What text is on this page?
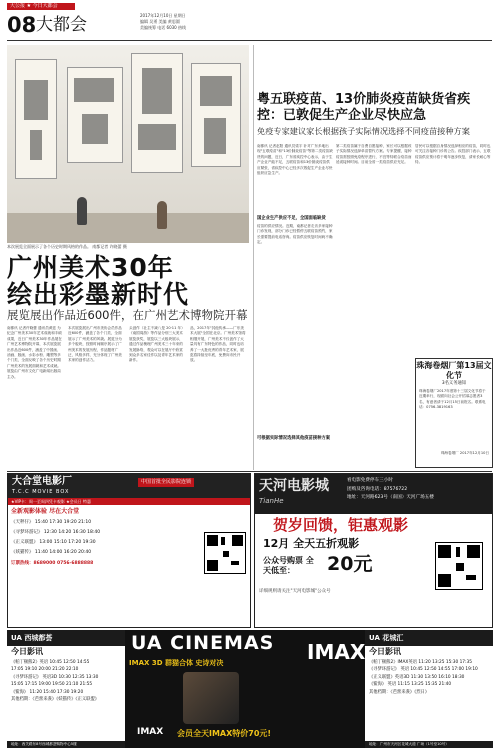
大公报 ★ 今日大都会
08 大都会	2017年12月10日 星期日
编辑 吴勇 美编 黄思圆
美编统筹 电话 6030 热线
本次展览全面展示了各个历史时期风格的作品。 南都记者 许晓蕾 摄
广州美术30年
绘出彩墨新时代
展览展出作品近600件，在广州艺术博物院开幕
南都讯 记者许晓蕾 通讯员黄廷 为纪念广州美术30年艺术成就和丰硕成果，近日广州美术30年作品展在广州艺术博物院开幕，本次展览展出作品近600件，涵盖了中国画、油画、版画、水彩水粉、雕塑等多个门类，全面反映了各个历史时期广州美术的发展面貌和艺术成就。展览由广州市文化广电新闻出版局主办。
本次展览展出广州市美协会员作品近600件，涵盖了各个门类，全面展示了广州美术的风貌。展览分为多个板块，按照时间顺序展示了广州美术的发展历程，作品题材广泛，风格多样，充分体现了广州美术家的创作活力。
头创作（社主不减八是 20·11 年）《南国周游》等作品分别三大美术展览获奖，展览以三大板块展示，通过作品梳理广州美术三十年来的发展脉络，观众可以在展厅中欣赏到众多名家佳作以及青年艺术家的新作。
品，2017年"其他传承——广东美术大展"全国在北京。广州美术馆将相继开展，广州美术不仅创作了大量具有广东特色的作品，同时也培养了一大批优秀的青年艺术家，展览将持续至年底，免费向市民开放。
粤五联疫苗、13价肺炎疫苗缺货省疾控：已敦促生产企业尽快应急
免疫专家建议家长根据孩子实际情况选择不同疫苗接种方案
南都讯 记者赵阳 通讯员梁宇 针对广东多地出现"五联疫苗"和"13价肺炎疫苗"等第二类疫苗缺货的问题，近日，广东省疾控中心表示，由于生产企业产能不足，五联疫苗和13价肺炎疫苗供应紧张，省疾控中心已经多次敦促生产企业尽快组织应急生产。
国企业生产供应不足，全国面临缺货
疫苗的供应情况。近期，南都记者走访多家接种门诊发现，部分门诊已经暂停五联疫苗预约，家长需要提前电话咨询。疫苗供应恢复时间尚不确定。
可根据实际情况选择其他疫苗接种方案
第二类疫苗属于自费自愿接种，家长可以根据孩子实际情况选择单苗替代方案。专家提醒，接种疫苗需按照免疫程序进行，不宜等待联合疫苗而延误接种时间。目前全省一类疫苗供应充足。
居民可以根据自身情况选择相应的疫苗，同时也可关注各接种门诊的公告。疾控部门表示，五联疫苗供应预计将于明年逐步恢复，请家长耐心等待。
珠海卷烟厂第13届文化节
3名义务通知
珠海卷烟厂2017年度第十三届文化节将于近期举行，现面向社会公开招募志愿者3名，有意者请于12月15日前报名。联系电话：0756-3819163
珠海卷烟厂 2017年12月10日
大合堂电影厂
T.C.C MOVIE BOX
中国首批全民影院连锁
★VIP卡：周一至周四凭卡观影 ★会员日 特惠
全新观影体验 尽在大合堂
《天秤仔》 15:40 17:30 19:20 21:10
《寻梦环游记》 12:30 14:20 16:30 18:40
《正义联盟》 13:00 15:10 17:20 19:30
《妖猫传》 11:40 14:00 16:20 20:40
订票热线：8689000 0756-6888888
天河电影城
TianHe
看电影免费停车三小时
团购及咨询电话：87576722
地址：天河路623号（南国）天河广场五楼
贺岁回馈，钜惠观影
12月 全天五折观影
公众号购票 全天低至：	20元
详细规则请关注"天河电影城"公众号
UA 西城都荟
今日影讯
《帕丁顿熊2》英语 10:45 12:50 14:55
17:05 19:10 20:00 21:20 22:10
《寻梦环游记》 英语3D 10:30 12:35 13:30
15:05 17:15 19:00 19:50 21:10 21:55
《鲨海》 11:20 15:40 17:30 19:20
其他档期：《芭蕾来袭》《妖猫传》《正义联盟》
地址：西关路东8号西城都荟购物中心5楼
UA CINEMAS
IMAX 3D 群猫合体 史诗对决
IMAX 会员全天IMAX特价70元!
IMAX
UA 花城汇
今日影讯
《帕丁顿熊2》IMAX英语 11:20 13:25 15:30 17:35
《寻梦环游记》 英语 10:45 12:50 14:55 17:00 19:10
《正义联盟》英语3D 11:30 13:50 16:10 18:30
《鲨海》 英语 11:15 13:25 15:35 21:40
其他档期：《芭蕾来袭》《烈日》
地址：广州市天河区花城大道 广场（1号至10号）
